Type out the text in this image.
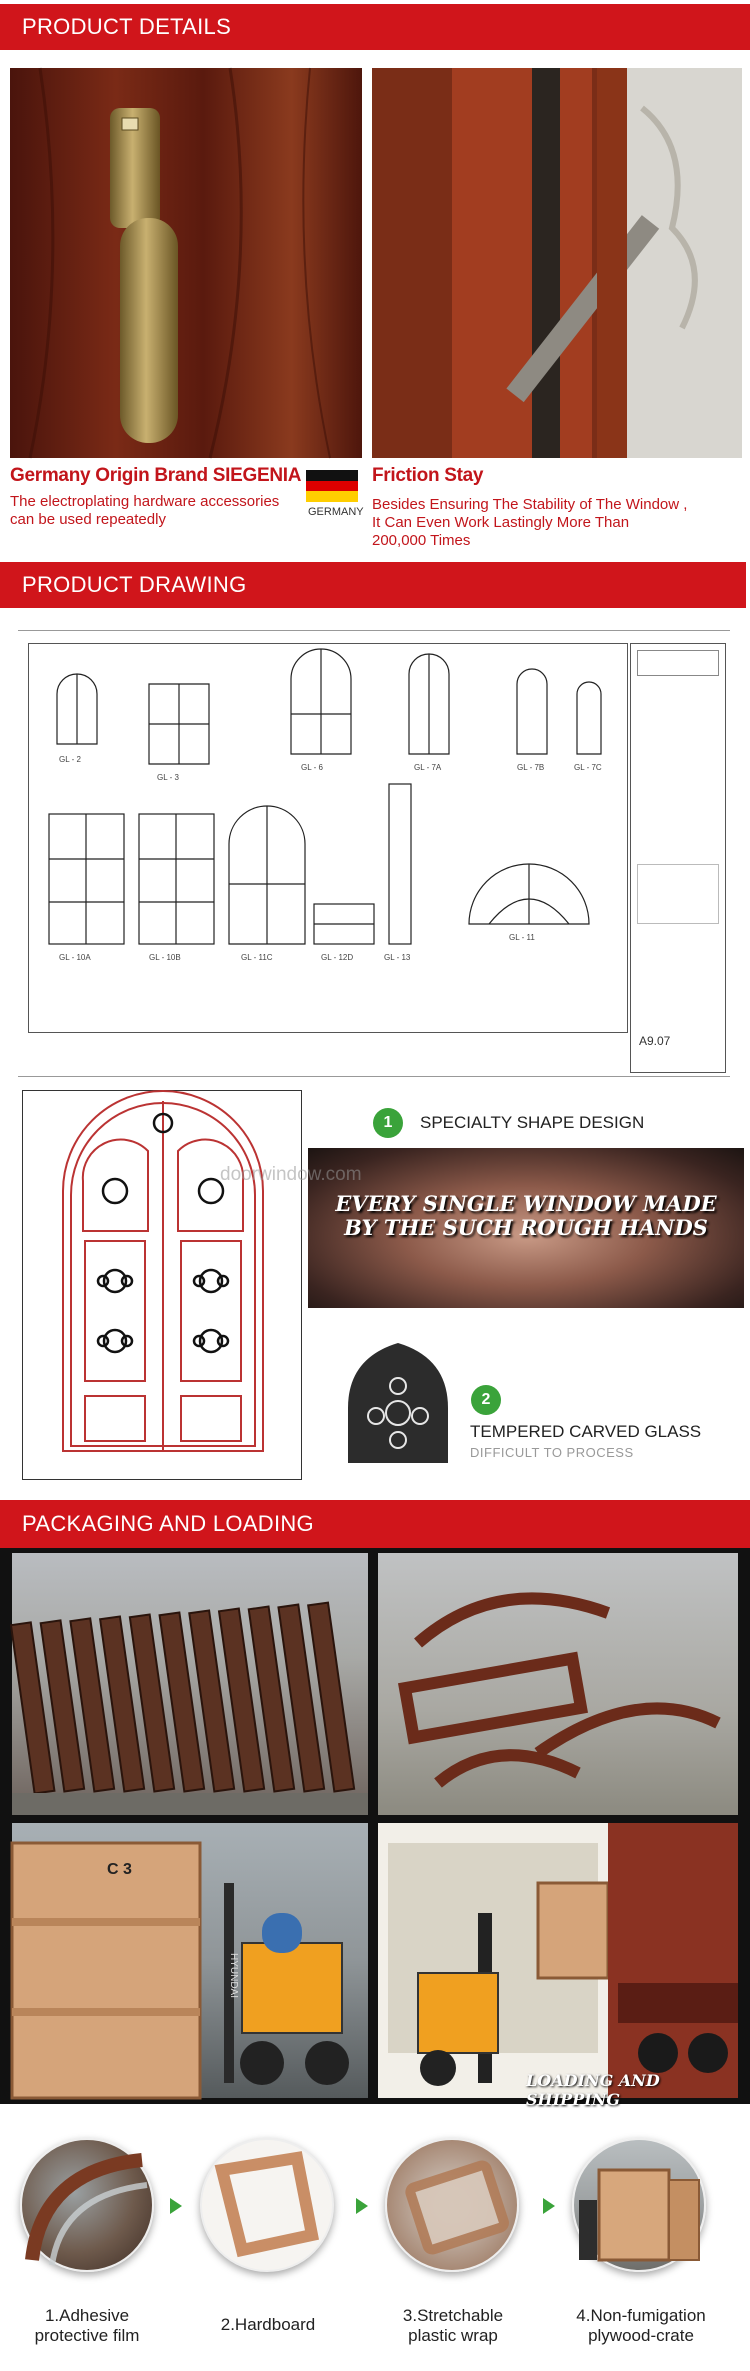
PRODUCT DETAILS
Germany Origin Brand SIEGENIA
The electroplating hardware accessories
can be used repeatedly	GERMANY
Friction Stay
Besides Ensuring The Stability of The Window ,
It Can Even Work Lastingly More Than
200,000 Times
PRODUCT DRAWING
GL - 2
GL - 3
GL - 6	GL - 7A	GL - 7B	GL - 7C
GL - 10A	GL - 10B	GL - 11C	GL - 12D	GL - 13
GL - 11
A9.07
1	SPECIALTY SHAPE DESIGN
EVERY SINGLE WINDOW MADE
BY THE SUCH ROUGH HANDS
doorwindow.com
2
TEMPERED CARVED GLASS
DIFFICULT TO PROCESS
PACKAGING AND LOADING
C 3
HYUNDAI
LOADING AND SHIPPING
1.Adhesive
protective film
2.Hardboard	3.Stretchable
plastic wrap
4.Non-fumigation
plywood-crate
